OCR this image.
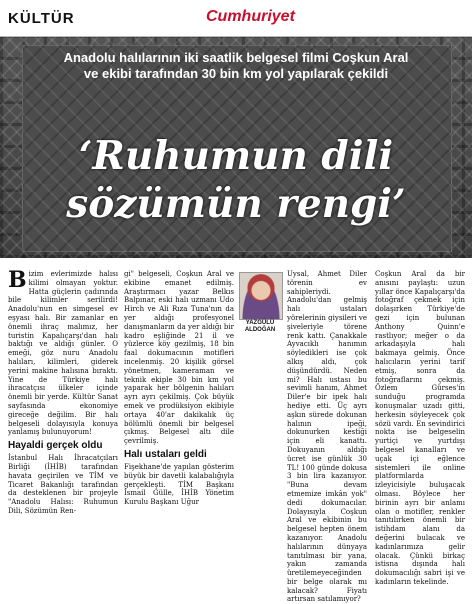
KÜLTÜR	Cumhuriyet
Anadolu halılarının iki saatlik belgesel filmi Coşkun Aral
ve ekibi tarafından 30 bin km yol yapılarak çekildi
‘Ruhumun dili
sözümün rengi’

Bizim evlerimizde halısı kilimi olmayan yoktur. Hatta güçlerin çadırında bile kilimler serilirdi! Anadolu'nun en simgesel ev eşyası halı. Bir zamanlar en önemli ihraç malımız, her turistin Kapalıçarşı'dan halı baktığı ve aldığı günler. O emeği, göz nuru Anadolu halıları, kilimleri, giderek yerini makine halısına bıraktı. Yine de Türkiye halı ihracatçısı ülkeler içinde önemli bir yerde. Kültür Sanat sayfasında ekonomiye gireceğe değilim. Bir halı belgeseli dolayısıyla konuya yanlamış bulunuyorum!

Hayaldi gerçek oldu

İstanbul Halı İhracatçıları Birliği (İHİB) tarafından havata geçirilen ve TİM ve Ticaret Bakanlığı tarafından da desteklenen bir projeyle "Anadolu Halısı: Ruhumun Dili, Sözümün Ren-

gi" belgeseli, Coşkun Aral ve ekibine emanet edilmiş. Araştırmacı yazar Belkıs Balpınar, eski halı uzmanı Udo Hirch ve Ali Rıza Tuna'nın da yer aldığı profesyonel danışmanların da yer aldığı bir kadro eşliğinde 21 il ve yüzlerce köy gezilmiş, 18 bin faal dokumacının motifleri incelenmiş. 20 kişilik görsel yönetmen, kameraman ve teknik ekiple 30 bin km yol yaparak her bölgenin halıları ayrı ayrı çekilmiş. Çok büyük emek ve prodüksiyon ekibiyle ortaya 40'ar dakikalık üç bölümlü önemli bir belgesel çıkmış. Belgesel altı dile çevrilmiş.

Halı ustaları geldi

Fişekhane'de yapılan gösterim büyük bir davetli kalabalığıyla gerçekleşti. TİM Başkanı İsmail Gülle, İHİB Yönetim Kurulu Başkanı Uğur

YAZGÜLÜ
ALDOĞAN

Uysal, Ahmet Diler törenin ev sahipleriydi. Anadolu'dan gelmiş halı ustaları yörelerinin giysileri ve şiveleriyle törene renk kattı. Çanakkale Ayvacıklı hanımın söyledikleri ise çok alkış aldı, çok düşündürdü. Neden mi? Halı ustası bu sevimli hanım, Ahmet Diler'e bir ipek halı hediye etti. Üç ayrı aşkın sürede dokunan halının ipeği, dokunurken kestiği için eli kanattı. Dokuyanın aldığı ücret ise günlük 30 TL! 100 günde dokusa 3 bin lira kazanıyor. "Buna devam etmemize imkân yok" dedi dokumacılar. Dolayısıyla Coşkun Aral ve ekibinin bu belgesel hepten önem kazanıyor. Anadolu halılarının dünyaya tanıtılması bir yana, yakın zamanda üretilemeyeceğinden bir belge olarak mı kalacak? Fiyatı artırsan satılamıyor?

Coşkun Aral da bir anısını paylaştı: uzun yıllar önce Kapalıçarşı'da fotoğraf çekmek için dolaşırken Türkiye'de gezi için bulunan Anthony Quinn'e rastlıyor; meğer o da arkadaşıyla halı bakmaya gelmiş. Önce halıcıların yerini tarif etmiş, sonra da fotoğraflarını çekmiş. Özlem Gürses'in sunduğu programda konuşmalar uzadı gitti, herkesin söyleyecek çok sözü vardı. En sevindirici nokta ise belgeselin yurtiçi ve yurtdışı belgesel kanalları ve uçak içi eğlence sistemleri ile online platformlarda izleyicisiyle buluşacak olması. Böylece her birinin ayrı bir anlamı olan o motifler, renkler tanıtılırken önemli bir istihdam alanı da değerini bulacak ve kadınlarımıza gelir olacak. Çünkü birkaç istisna dışında halı dokumacılığı sabri işi ve kadınların tekelinde.
